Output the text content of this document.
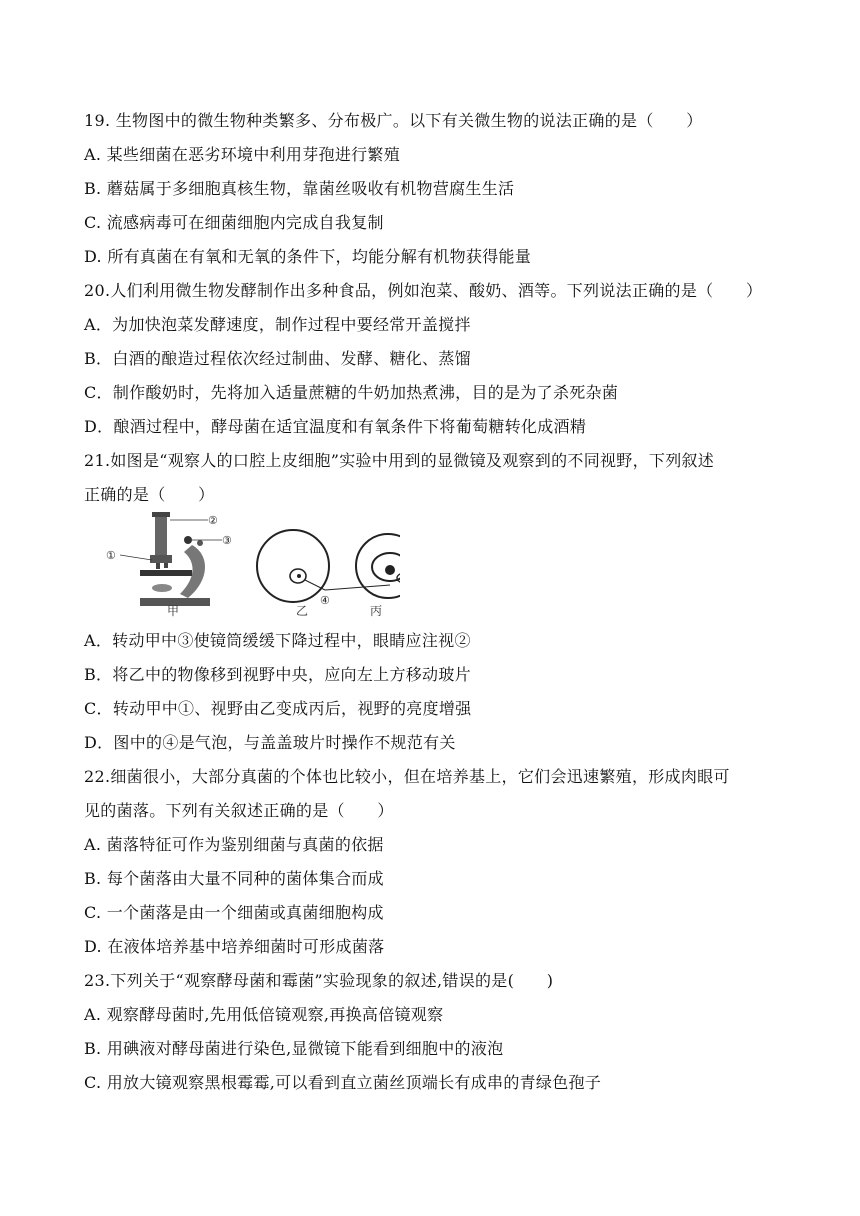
19. 生物图中的微生物种类繁多、分布极广。以下有关微生物的说法正确的是（　　）
A. 某些细菌在恶劣环境中利用芽孢进行繁殖
B. 蘑菇属于多细胞真核生物，靠菌丝吸收有机物营腐生生活
C. 流感病毒可在细菌细胞内完成自我复制
D. 所有真菌在有氧和无氧的条件下，均能分解有机物获得能量
20.人们利用微生物发酵制作出多种食品，例如泡菜、酸奶、酒等。下列说法正确的是（　　）
A．为加快泡菜发酵速度，制作过程中要经常开盖搅拌
B．白酒的酿造过程依次经过制曲、发酵、糖化、蒸馏
C．制作酸奶时，先将加入适量蔗糖的牛奶加热煮沸，目的是为了杀死杂菌
D．酿酒过程中，酵母菌在适宜温度和有氧条件下将葡萄糖转化成酒精
21.如图是“观察人的口腔上皮细胞”实验中用到的显微镜及观察到的不同视野，下列叙述
正确的是（　　）
②
③
①
④
甲	乙	丙
A．转动甲中③使镜筒缓缓下降过程中，眼睛应注视②
B．将乙中的物像移到视野中央，应向左上方移动玻片
C．转动甲中①、视野由乙变成丙后，视野的亮度增强
D．图中的④是气泡，与盖盖玻片时操作不规范有关
22.细菌很小，大部分真菌的个体也比较小，但在培养基上，它们会迅速繁殖，形成肉眼可
见的菌落。下列有关叙述正确的是（　　）
A. 菌落特征可作为鉴别细菌与真菌的依据
B. 每个菌落由大量不同种的菌体集合而成
C. 一个菌落是由一个细菌或真菌细胞构成
D. 在液体培养基中培养细菌时可形成菌落
23.下列关于“观察酵母菌和霉菌”实验现象的叙述,错误的是(　　)
A. 观察酵母菌时,先用低倍镜观察,再换高倍镜观察
B. 用碘液对酵母菌进行染色,显微镜下能看到细胞中的液泡
C. 用放大镜观察黑根霉霉,可以看到直立菌丝顶端长有成串的青绿色孢子
